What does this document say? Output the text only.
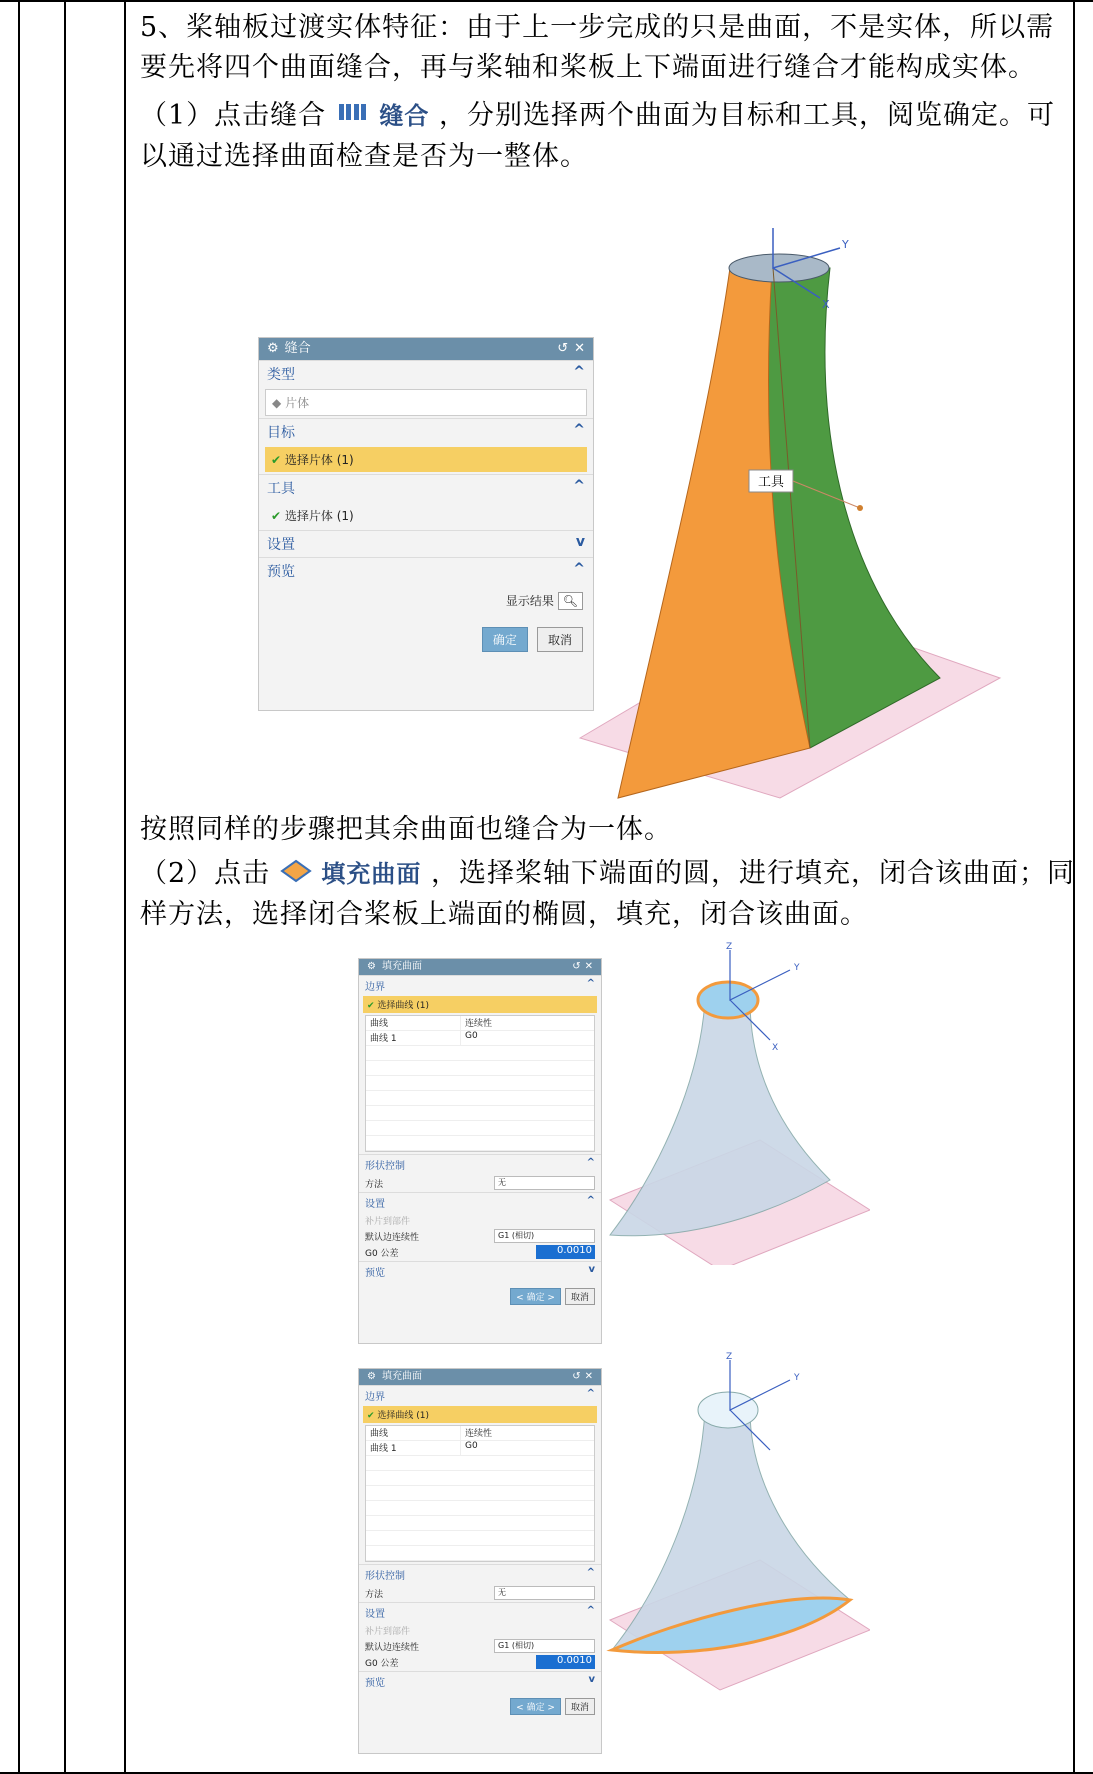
5、桨轴板过渡实体特征：由于上一步完成的只是曲面，不是实体，所以需要先将四个曲面缝合，再与桨轴和桨板上下端面进行缝合才能构成实体。

（1）点击缝合 缝合 ，分别选择两个曲面为目标和工具，阅览确定。可以通过选择曲面检查是否为一整体。

Y
X
工具
⚙ 缝合	↺ ✕
类型	^
◆ 片体
目标	^
✔ 选择片体 (1)
工具	^
✔ 选择片体 (1)
设置	v
预览	^
显示结果 🔍︎
确定	取消

按照同样的步骤把其余曲面也缝合为一体。

（2）点击 填充曲面 ，选择桨轴下端面的圆，进行填充，闭合该曲面；同样方法，选择闭合桨板上端面的椭圆，填充，闭合该曲面。

⚙ 填充曲面	↺ ✕
边界	^
✔ 选择曲线 (1)
曲线	连续性
曲线 1	G0
形状控制	^
方法	无
设置	^
补片到部件
默认边连续性	G1 (相切)
G0 公差	0.0010
预览	v
< 确定 > 取消
Z
Y
X
⚙ 填充曲面	↺ ✕
边界	^
✔ 选择曲线 (1)
曲线	连续性
曲线 1	G0
形状控制	^
方法	无
设置	^
补片到部件
默认边连续性	G1 (相切)
G0 公差	0.0010
预览	v
< 确定 > 取消
Z
Y
